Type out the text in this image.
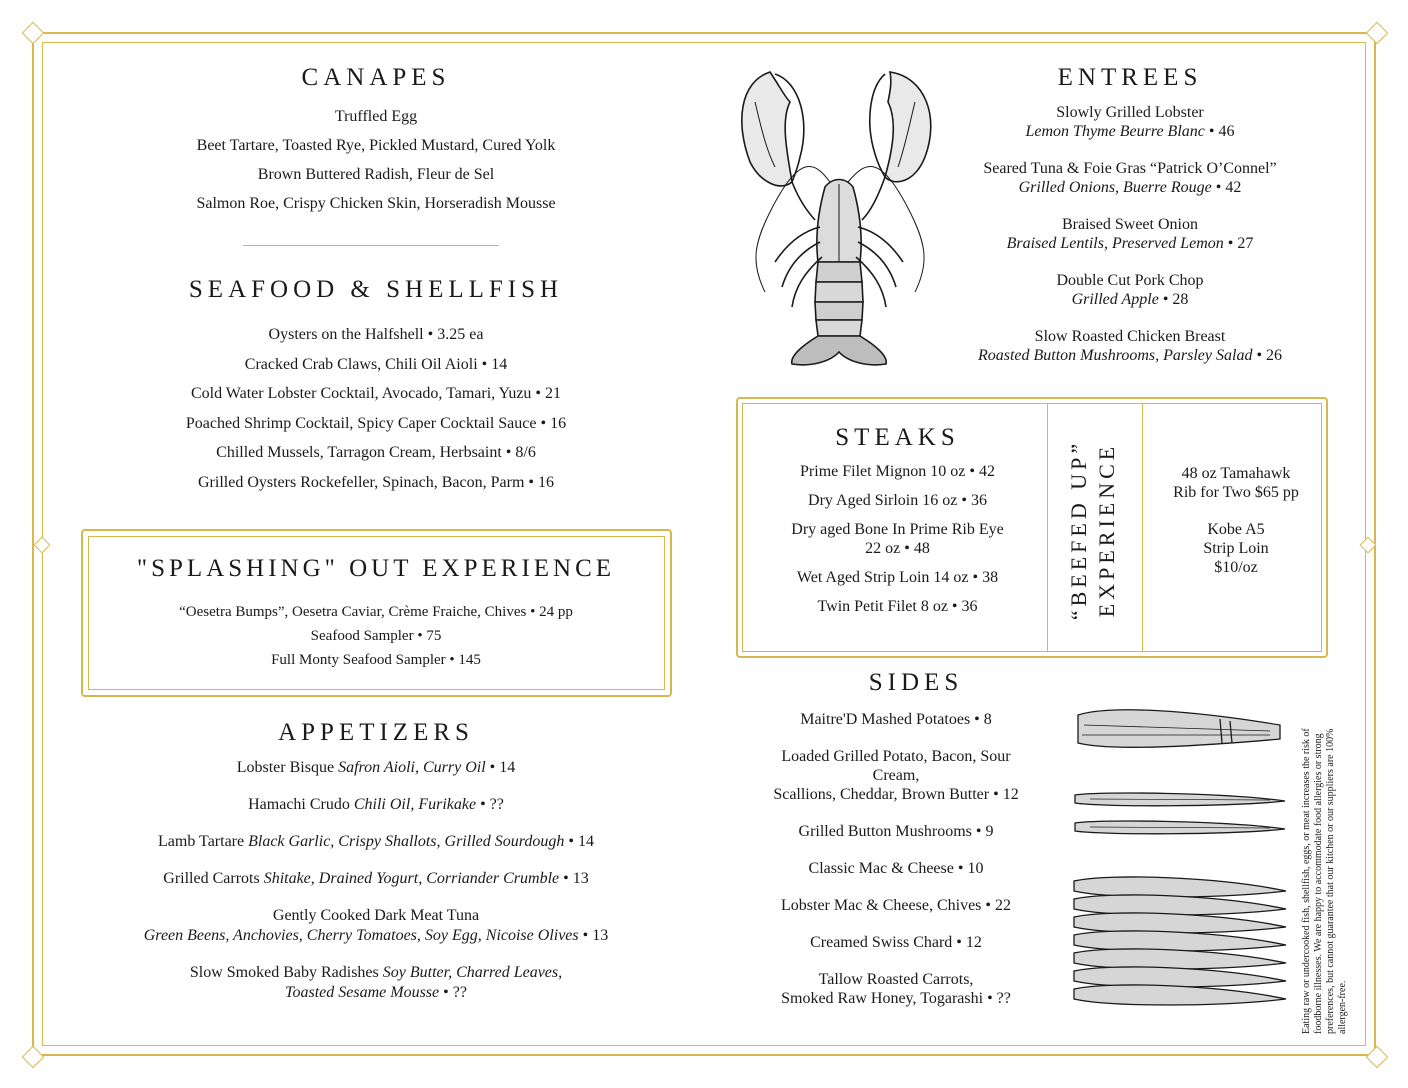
CANAPES
Truffled Egg
Beet Tartare, Toasted Rye, Pickled Mustard, Cured Yolk
Brown Buttered Radish, Fleur de Sel
Salmon Roe, Crispy Chicken Skin, Horseradish Mousse
SEAFOOD & SHELLFISH
Oysters on the Halfshell • 3.25 ea
Cracked Crab Claws, Chili Oil Aioli • 14
Cold Water Lobster Cocktail, Avocado, Tamari, Yuzu • 21
Poached Shrimp Cocktail, Spicy Caper Cocktail Sauce • 16
Chilled Mussels, Tarragon Cream, Herbsaint • 8/6
Grilled Oysters Rockefeller, Spinach, Bacon, Parm • 16
"SPLASHING" OUT EXPERIENCE
“Oesetra Bumps”, Oesetra Caviar, Crème Fraiche, Chives • 24 pp
Seafood Sampler • 75
Full Monty Seafood Sampler • 145
APPETIZERS
Lobster Bisque Safron Aioli, Curry Oil • 14
Hamachi Crudo Chili Oil, Furikake • ??
Lamb Tartare Black Garlic, Crispy Shallots, Grilled Sourdough • 14
Grilled Carrots Shitake, Drained Yogurt, Corriander Crumble • 13
Gently Cooked Dark Meat Tuna
Green Beens, Anchovies, Cherry Tomatoes, Soy Egg, Nicoise Olives • 13
Slow Smoked Baby Radishes Soy Butter, Charred Leaves,
Toasted Sesame Mousse • ??
ENTREES
Slowly Grilled Lobster
Lemon Thyme Beurre Blanc • 46
Seared Tuna & Foie Gras “Patrick O’Connel”
Grilled Onions, Buerre Rouge • 42
Braised Sweet Onion
Braised Lentils, Preserved Lemon • 27
Double Cut Pork Chop
Grilled Apple • 28
Slow Roasted Chicken Breast
Roasted Button Mushrooms, Parsley Salad • 26
STEAKS
Prime Filet Mignon 10 oz • 42
Dry Aged Sirloin 16 oz • 36
Dry aged Bone In Prime Rib Eye
22 oz • 48
Wet Aged Strip Loin 14 oz • 38
Twin Petit Filet 8 oz • 36	“BEEFED UP” EXPERIENCE	48 oz Tamahawk
Rib for Two $65 pp
Kobe A5
Strip Loin
$10/oz
SIDES
Maitre'D Mashed Potatoes • 8
Loaded Grilled Potato, Bacon, Sour
Cream,
Scallions, Cheddar, Brown Butter • 12
Grilled Button Mushrooms • 9
Classic Mac & Cheese • 10
Lobster Mac & Cheese, Chives • 22
Creamed Swiss Chard • 12
Tallow Roasted Carrots,
Smoked Raw Honey, Togarashi • ??	Eating raw or undercooked fish, shellfish, eggs, or meat increases the risk of foodborne illnesses. We are happy to accommodate food allergies or strong preferences, but cannot guarantee that our kitchen or our suppliers are 100% allergen-free.
